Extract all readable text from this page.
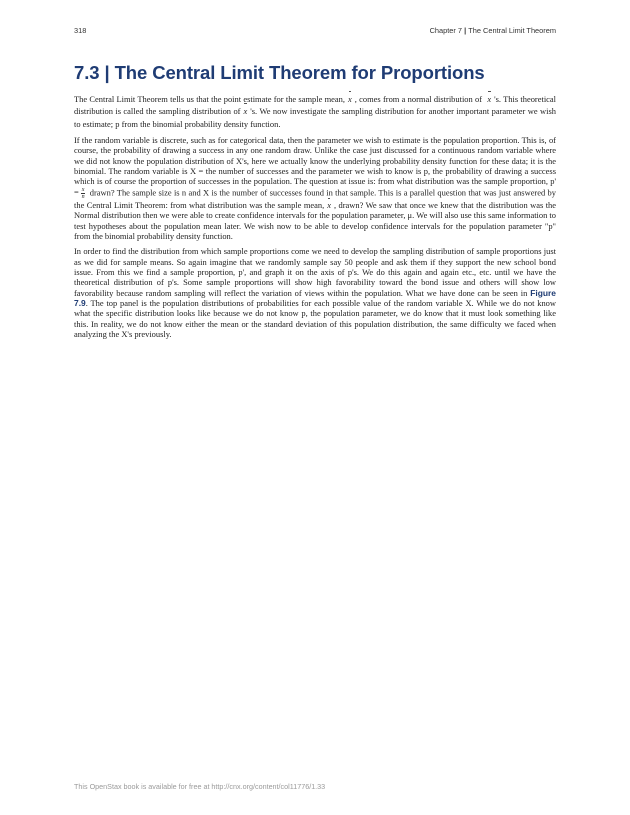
318	Chapter 7 | The Central Limit Theorem
7.3 | The Central Limit Theorem for Proportions

The Central Limit Theorem tells us that the point estimate for the sample mean, x , comes from a normal distribution of x 's. This theoretical distribution is called the sampling distribution of x 's. We now investigate the sampling distribution for another important parameter we wish to estimate; p from the binomial probability density function.

If the random variable is discrete, such as for categorical data, then the parameter we wish to estimate is the population proportion. This is, of course, the probability of drawing a success in any one random draw. Unlike the case just discussed for a continuous random variable where we did not know the population distribution of X's, here we actually know the underlying probability density function for these data; it is the binomial. The random variable is X = the number of successes and the parameter we wish to know is p, the probability of drawing a success which is of course the proportion of successes in the population. The question at issue is: from what distribution was the sample proportion, $p' = \frac{x}{n}$ drawn? The sample size is n and X is the number of successes found in that sample. This is a parallel question that was just answered by the Central Limit Theorem: from what distribution was the sample mean, x , drawn? We saw that once we knew that the distribution was the Normal distribution then we were able to create confidence intervals for the population parameter, μ. We will also use this same information to test hypotheses about the population mean later. We wish now to be able to develop confidence intervals for the population parameter "p" from the binomial probability density function.

In order to find the distribution from which sample proportions come we need to develop the sampling distribution of sample proportions just as we did for sample means. So again imagine that we randomly sample say 50 people and ask them if they support the new school bond issue. From this we find a sample proportion, p', and graph it on the axis of p's. We do this again and again etc., etc. until we have the theoretical distribution of p's. Some sample proportions will show high favorability toward the bond issue and others will show low favorability because random sampling will reflect the variation of views within the population. What we have done can be seen in Figure 7.9. The top panel is the population distributions of probabilities for each possible value of the random variable X. While we do not know what the specific distribution looks like because we do not know p, the population parameter, we do know that it must look something like this. In reality, we do not know either the mean or the standard deviation of this population distribution, the same difficulty we faced when analyzing the X's previously.

This OpenStax book is available for free at http://cnx.org/content/col11776/1.33
